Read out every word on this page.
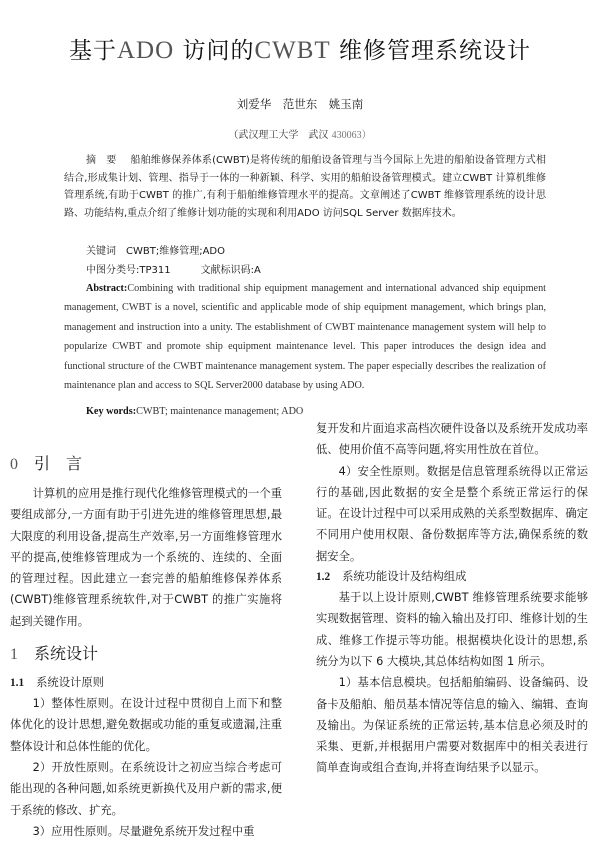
基于ADO 访问的CWBT 维修管理系统设计
刘爱华　范世东　姚玉南
（武汉理工大学　武汉 430063）
摘要 船舶维修保养体系(CWBT)是将传统的船舶设备管理与当今国际上先进的船舶设备管理方式相结合,形成集计划、管理、指导于一体的一种新颖、科学、实用的船舶设备管理模式。建立CWBT 计算机维修管理系统,有助于CWBT 的推广,有利于船舶维修管理水平的提高。文章阐述了CWBT 维修管理系统的设计思路、功能结构,重点介绍了维修计划功能的实现和利用ADO 访问SQL Server 数据库技术。
关键词　CWBT;维修管理;ADO
中图分类号:TP311	文献标识码:A
Abstract:Combining with traditional ship equipment management and international advanced ship equipment management, CWBT is a novel, scientific and applicable mode of ship equipment management, which brings plan, management and instruction into a unity. The establishment of CWBT maintenance management system will help to popularize CWBT and promote ship equipment maintenance level. This paper introduces the design idea and functional structure of the CWBT maintenance management system. The paper especially describes the realization of maintenance plan and access to SQL Server2000 database by using ADO.
Key words:CWBT; maintenance management; ADO
0 引　言

计算机的应用是推行现代化维修管理模式的一个重要组成部分,一方面有助于引进先进的维修管理思想,最大限度的利用设备,提高生产效率,另一方面维修管理水平的提高,使维修管理成为一个系统的、连续的、全面的管理过程。因此建立一套完善的船舶维修保养体系(CWBT)维修管理系统软件,对于CWBT 的推广实施将起到关键作用。

1 系统设计
1.1 系统设计原则

1）整体性原则。在设计过程中贯彻自上而下和整体优化的设计思想,避免数据或功能的重复或遗漏,注重整体设计和总体性能的优化。

2）开放性原则。在系统设计之初应当综合考虑可能出现的各种问题,如系统更新换代及用户新的需求,便于系统的修改、扩充。

3）应用性原则。尽量避免系统开发过程中重

复开发和片面追求高档次硬件设备以及系统开发成功率低、使用价值不高等问题,将实用性放在首位。

4）安全性原则。数据是信息管理系统得以正常运行的基础,因此数据的安全是整个系统正常运行的保证。在设计过程中可以采用成熟的关系型数据库、确定不同用户使用权限、备份数据库等方法,确保系统的数据安全。

1.2 系统功能设计及结构组成

基于以上设计原则,CWBT 维修管理系统要求能够实现数据管理、资料的输入输出及打印、维修计划的生成、维修工作提示等功能。根据模块化设计的思想,系统分为以下 6 大模块,其总体结构如图 1 所示。

1）基本信息模块。包括船舶编码、设备编码、设备卡及船舶、船员基本情况等信息的输入、编辑、查询及输出。为保证系统的正常运转,基本信息必须及时的采集、更新,并根据用户需要对数据库中的相关表进行简单查询或组合查询,并将查询结果予以显示。
